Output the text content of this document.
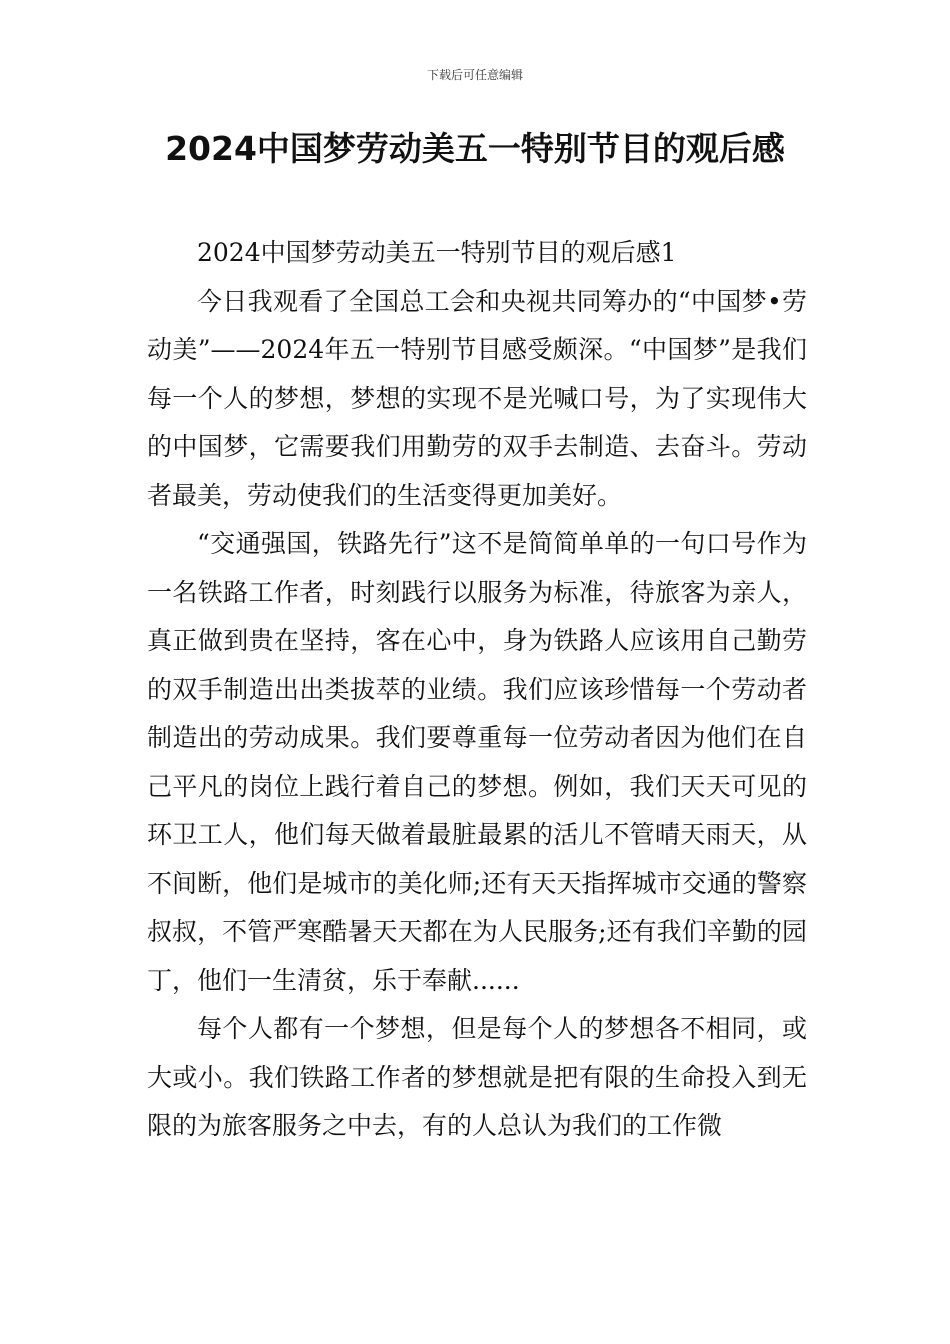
下载后可任意编辑
2024中国梦劳动美五一特别节目的观后感

2024中国梦劳动美五一特别节目的观后感1

今日我观看了全国总工会和央视共同筹办的“中国梦•劳动美”——2024年五一特别节目感受颇深。“中国梦”是我们每一个人的梦想，梦想的实现不是光喊口号，为了实现伟大的中国梦，它需要我们用勤劳的双手去制造、去奋斗。劳动者最美，劳动使我们的生活变得更加美好。

“交通强国，铁路先行”这不是简简单单的一句口号作为一名铁路工作者，时刻践行以服务为标准，待旅客为亲人，真正做到贵在坚持，客在心中，身为铁路人应该用自己勤劳的双手制造出出类拔萃的业绩。我们应该珍惜每一个劳动者制造出的劳动成果。我们要尊重每一位劳动者因为他们在自己平凡的岗位上践行着自己的梦想。例如，我们天天可见的环卫工人，他们每天做着最脏最累的活儿不管晴天雨天，从不间断，他们是城市的美化师;还有天天指挥城市交通的警察叔叔，不管严寒酷暑天天都在为人民服务;还有我们辛勤的园丁，他们一生清贫，乐于奉献......

每个人都有一个梦想，但是每个人的梦想各不相同，或大或小。我们铁路工作者的梦想就是把有限的生命投入到无限的为旅客服务之中去，有的人总认为我们的工作微
